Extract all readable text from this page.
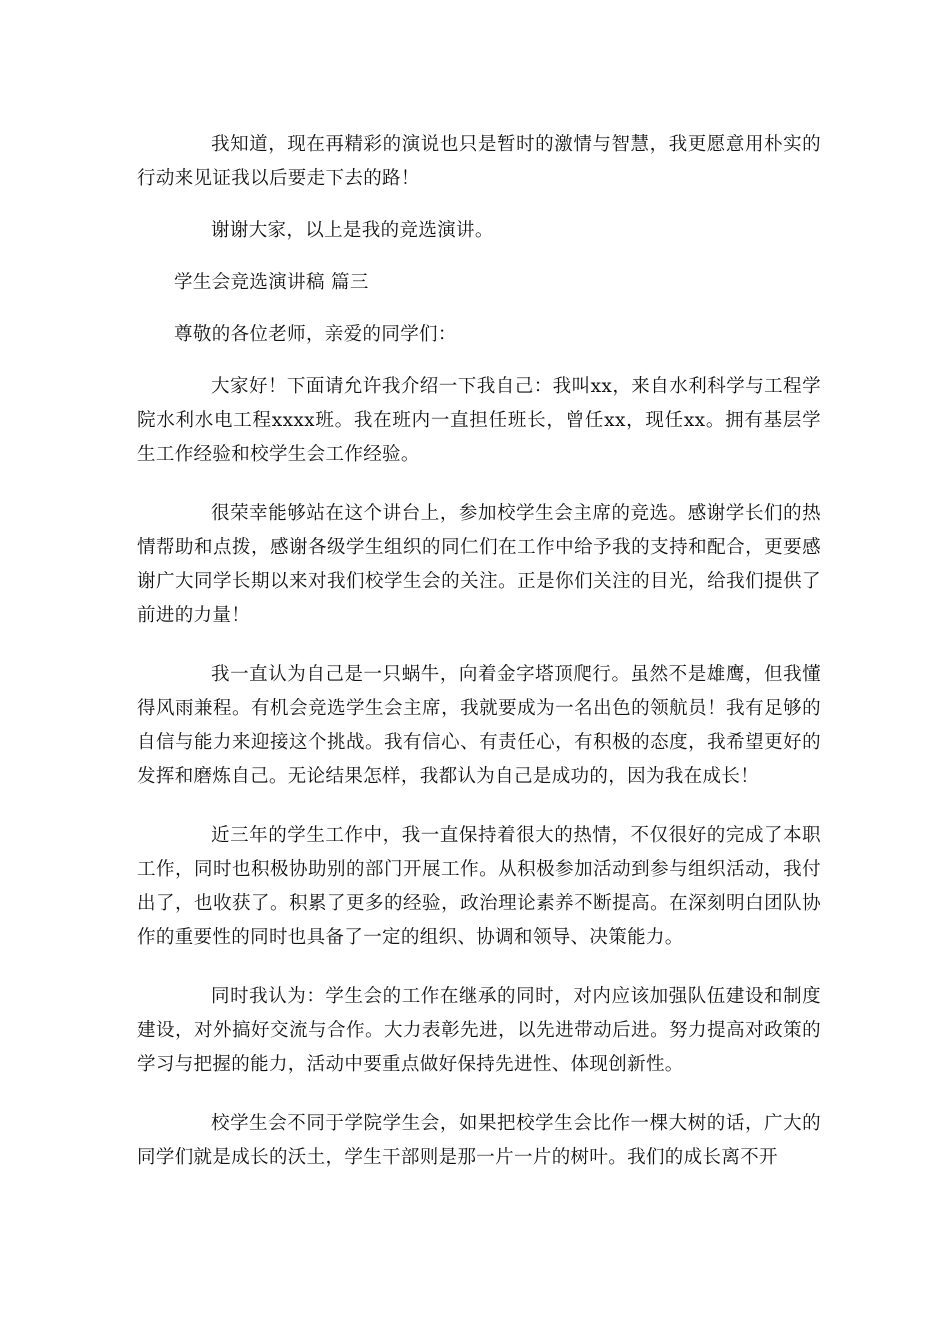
我知道，现在再精彩的演说也只是暂时的激情与智慧，我更愿意用朴实的行动来见证我以后要走下去的路！

谢谢大家，以上是我的竞选演讲。

学生会竞选演讲稿 篇三

尊敬的各位老师，亲爱的同学们：

大家好！下面请允许我介绍一下我自己：我叫xx，来自水利科学与工程学院水利水电工程xxxx班。我在班内一直担任班长，曾任xx，现任xx。拥有基层学生工作经验和校学生会工作经验。

很荣幸能够站在这个讲台上，参加校学生会主席的竞选。感谢学长们的热情帮助和点拨，感谢各级学生组织的同仁们在工作中给予我的支持和配合，更要感谢广大同学长期以来对我们校学生会的关注。正是你们关注的目光，给我们提供了前进的力量！

我一直认为自己是一只蜗牛，向着金字塔顶爬行。虽然不是雄鹰，但我懂得风雨兼程。有机会竞选学生会主席，我就要成为一名出色的领航员！我有足够的自信与能力来迎接这个挑战。我有信心、有责任心，有积极的态度，我希望更好的发挥和磨炼自己。无论结果怎样，我都认为自己是成功的，因为我在成长！

近三年的学生工作中，我一直保持着很大的热情，不仅很好的完成了本职工作，同时也积极协助别的部门开展工作。从积极参加活动到参与组织活动，我付出了，也收获了。积累了更多的经验，政治理论素养不断提高。在深刻明白团队协作的重要性的同时也具备了一定的组织、协调和领导、决策能力。

同时我认为：学生会的工作在继承的同时，对内应该加强队伍建设和制度建设，对外搞好交流与合作。大力表彰先进，以先进带动后进。努力提高对政策的学习与把握的能力，活动中要重点做好保持先进性、体现创新性。

校学生会不同于学院学生会，如果把校学生会比作一棵大树的话，广大的同学们就是成长的沃土，学生干部则是那一片一片的树叶。我们的成长离不开
